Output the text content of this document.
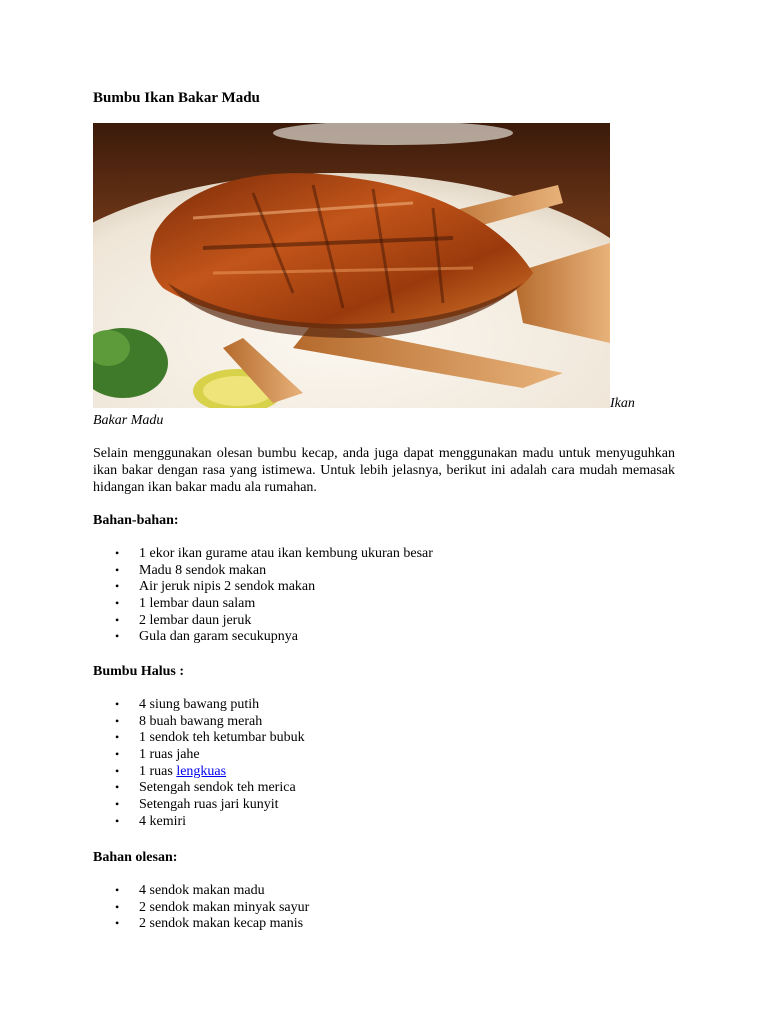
Bumbu Ikan Bakar Madu
Ikan
Bakar Madu

Selain menggunakan olesan bumbu kecap, anda juga dapat menggunakan madu untuk menyuguhkan ikan bakar dengan rasa yang istimewa. Untuk lebih jelasnya, berikut ini adalah cara mudah memasak hidangan ikan bakar madu ala rumahan.

Bahan-bahan:

• 1 ekor ikan gurame atau ikan kembung ukuran besar
• Madu 8 sendok makan
• Air jeruk nipis 2 sendok makan
• 1 lembar daun salam
• 2 lembar daun jeruk
• Gula dan garam secukupnya

Bumbu Halus :

• 4 siung bawang putih
• 8 buah bawang merah
• 1 sendok teh ketumbar bubuk
• 1 ruas jahe
• 1 ruas lengkuas
• Setengah sendok teh merica
• Setengah ruas jari kunyit
• 4 kemiri

Bahan olesan:

• 4 sendok makan madu
• 2 sendok makan minyak sayur
• 2 sendok makan kecap manis
